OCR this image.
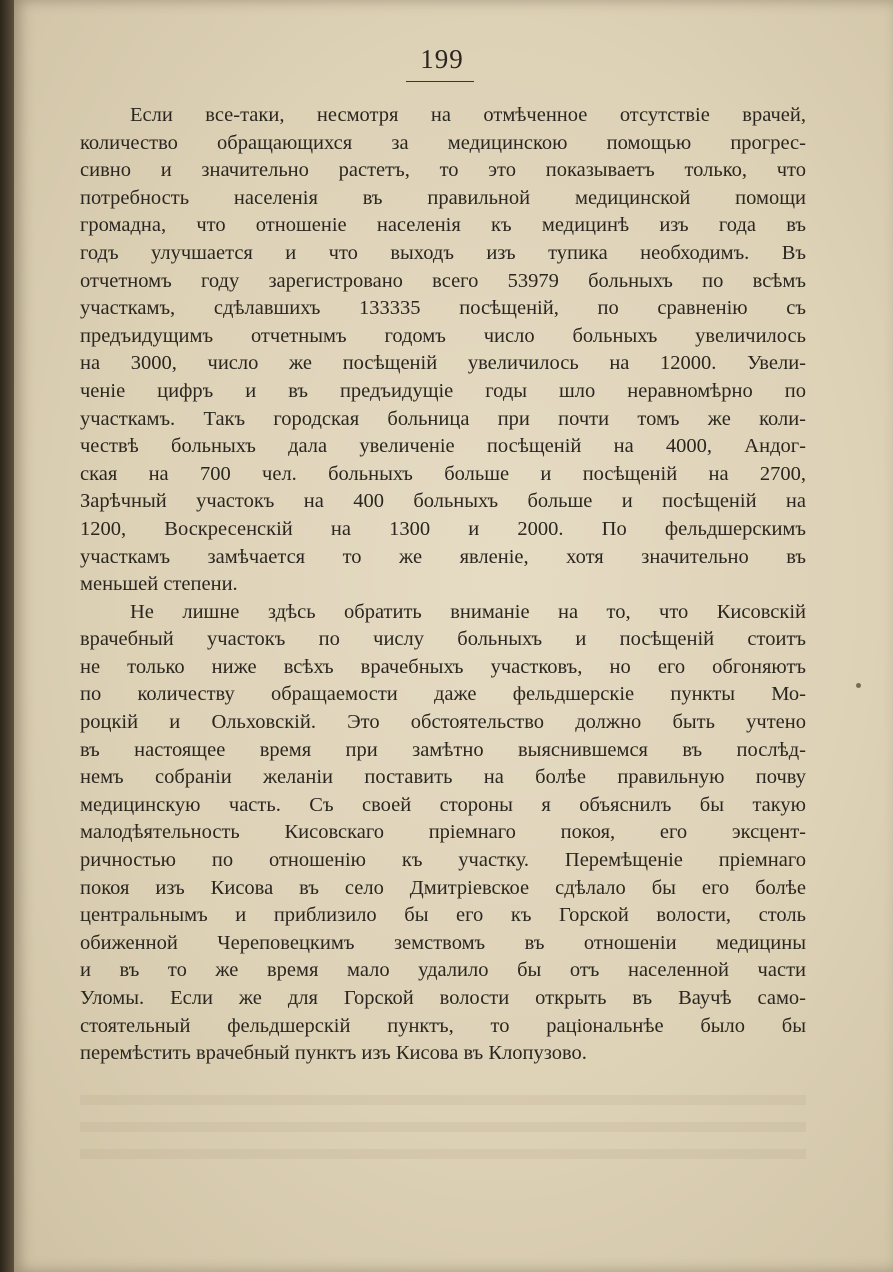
199
Если все-таки, несмотря на отмѣченное отсутствіе врачей,
количество обращающихся за медицинскою помощью прогрес-
сивно и значительно растетъ, то это показываетъ только, что
потребность населенія въ правильной медицинской помощи
громадна, что отношеніе населенія къ медицинѣ изъ года въ
годъ улучшается и что выходъ изъ тупика необходимъ. Въ
отчетномъ году зарегистровано всего 53979 больныхъ по всѣмъ
участкамъ, сдѣлавшихъ 133335 посѣщеній, по сравненію съ
предъидущимъ отчетнымъ годомъ число больныхъ увеличилось
на 3000, число же посѣщеній увеличилось на 12000. Увели-
ченіе цифръ и въ предъидущіе годы шло неравномѣрно по
участкамъ. Такъ городская больница при почти томъ же коли-
чествѣ больныхъ дала увеличеніе посѣщеній на 4000, Андог-
ская на 700 чел. больныхъ больше и посѣщеній на 2700,
Зарѣчный участокъ на 400 больныхъ больше и посѣщеній на
1200, Воскресенскій на 1300 и 2000. По фельдшерскимъ
участкамъ замѣчается то же явленіе, хотя значительно въ
меньшей степени.
Не лишне здѣсь обратить вниманіе на то, что Кисовскій
врачебный участокъ по числу больныхъ и посѣщеній стоитъ
не только ниже всѣхъ врачебныхъ участковъ, но его обгоняютъ
по количеству обращаемости даже фельдшерскіе пункты Мо-
роцкій и Ольховскій. Это обстоятельство должно быть учтено
въ настоящее время при замѣтно выяснившемся въ послѣд-
немъ собраніи желаніи поставить на болѣе правильную почву
медицинскую часть. Съ своей стороны я объяснилъ бы такую
малодѣятельность Кисовскаго пріемнаго покоя, его эксцент-
ричностью по отношенію къ участку. Перемѣщеніе пріемнаго
покоя изъ Кисова въ село Дмитріевское сдѣлало бы его болѣе
центральнымъ и приблизило бы его къ Горской волости, столь
обиженной Череповецкимъ земствомъ въ отношеніи медицины
и въ то же время мало удалило бы отъ населенной части
Уломы. Если же для Горской волости открыть въ Ваучѣ само-
стоятельный фельдшерскій пунктъ, то раціональнѣе было бы
перемѣстить врачебный пунктъ изъ Кисова въ Клопузово.
